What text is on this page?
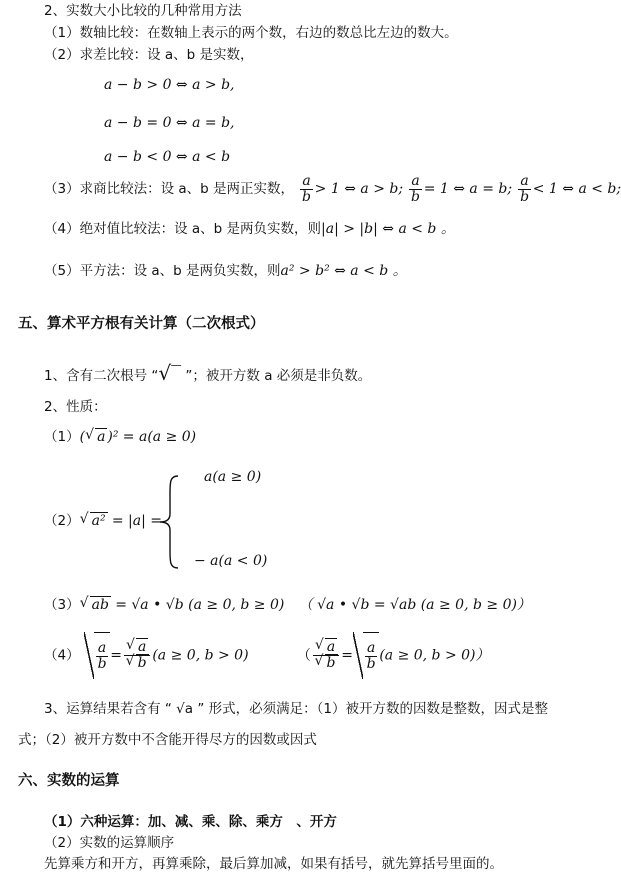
2、实数大小比较的几种常用方法
（1）数轴比较：在数轴上表示的两个数，右边的数总比左边的数大。
（2）求差比较：设 a、b 是实数，
a − b > 0 ⇔ a > b,
a − b = 0 ⇔ a = b,
a − b < 0 ⇔ a < b
（3）求商比较法：设 a、b 是两正实数， $\frac{a}{b} > 1$ ⇔ a > b; $\frac{a}{b} = 1$ ⇔ a = b; $\frac{a}{b} < 1$ ⇔ a < b;
（4）绝对值比较法：设 a、b 是两负实数，则|a| > |b| ⇔ a < b 。
（5）平方法：设 a、b 是两负实数，则a² > b² ⇔ a < b 。
五、算术平方根有关计算（二次根式）
1、含有二次根号 “√‾ ”；被开方数 a 必须是非负数。
2、性质：
（1）( √ a )² = a(a ≥ 0)
（2） √ a² = |a| =
a(a ≥ 0)
− a(a < 0)
（3） √ ab = √a • √b (a ≥ 0, b ≥ 0) （ √a • √b = √ab (a ≥ 0, b ≥ 0)）
$(4) \frac{a}{b}$ = √ a
√ b (a ≥ 0, b > 0)	（ √ a
√ $b = \frac{a}{b} (a \ge 0$, b > 0)）
3、运算结果若含有 “ √a ” 形式，必须满足：（1）被开方数的因数是整数，因式是整
式；（2）被开方数中不含能开得尽方的因数或因式
六、实数的运算
（1）六种运算：加、减、乘、除、乘方　、开方
（2）实数的运算顺序
先算乘方和开方，再算乘除，最后算加减，如果有括号，就先算括号里面的。
